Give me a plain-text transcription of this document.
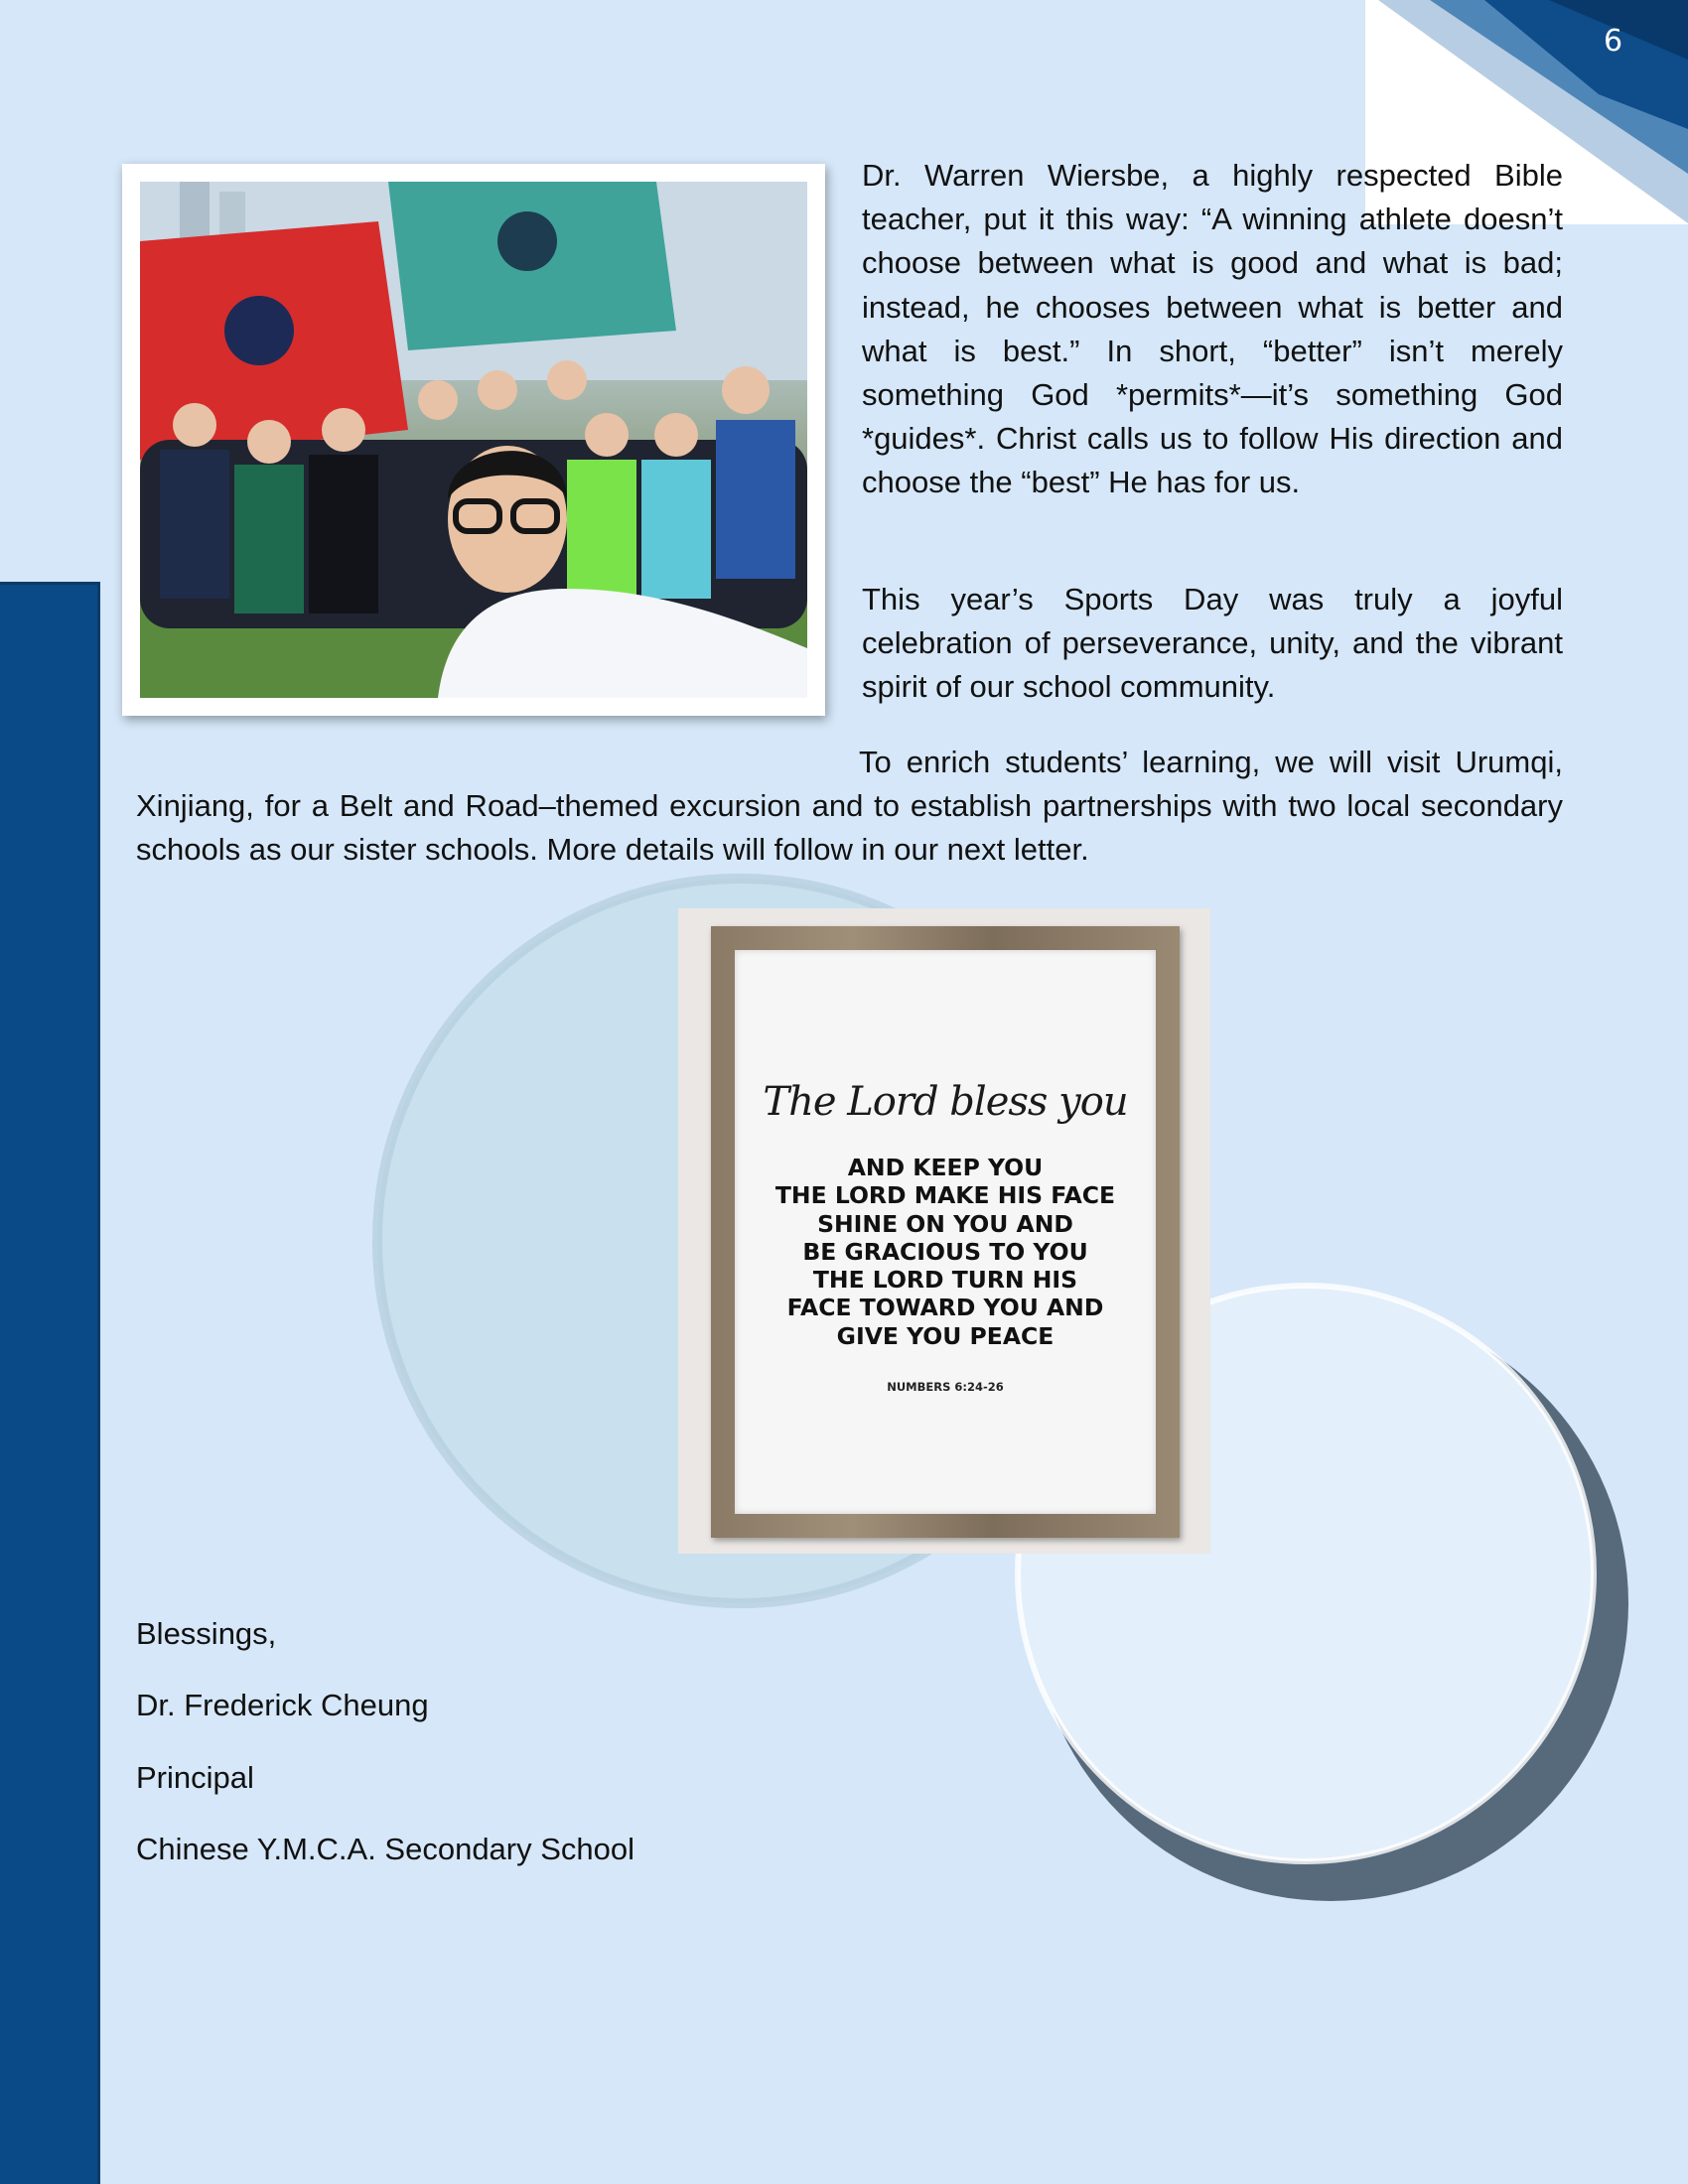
6

Dr. Warren Wiersbe, a highly respected Bible teacher, put it this way: “A winning athlete doesn’t choose between what is good and what is bad; instead, he chooses between what is better and what is best.” In short, “better” isn’t merely something God *permits*—it’s something God *guides*. Christ calls us to follow His direction and choose the “best” He has for us.

This year’s Sports Day was truly a joyful celebration of perseverance, unity, and the vibrant spirit of our school community.

To enrich students’ learning, we will visit Urumqi, Xinjiang, for a Belt and Road–themed excursion and to establish partnerships with two local secondary schools as our sister schools. More details will follow in our next letter.

The Lord bless you
AND KEEP YOU
THE LORD MAKE HIS FACE
SHINE ON YOU AND
BE GRACIOUS TO YOU
THE LORD TURN HIS
FACE TOWARD YOU AND
GIVE YOU PEACE
NUMBERS 6:24-26

Blessings,

Dr. Frederick Cheung

Principal

Chinese Y.M.C.A. Secondary School
